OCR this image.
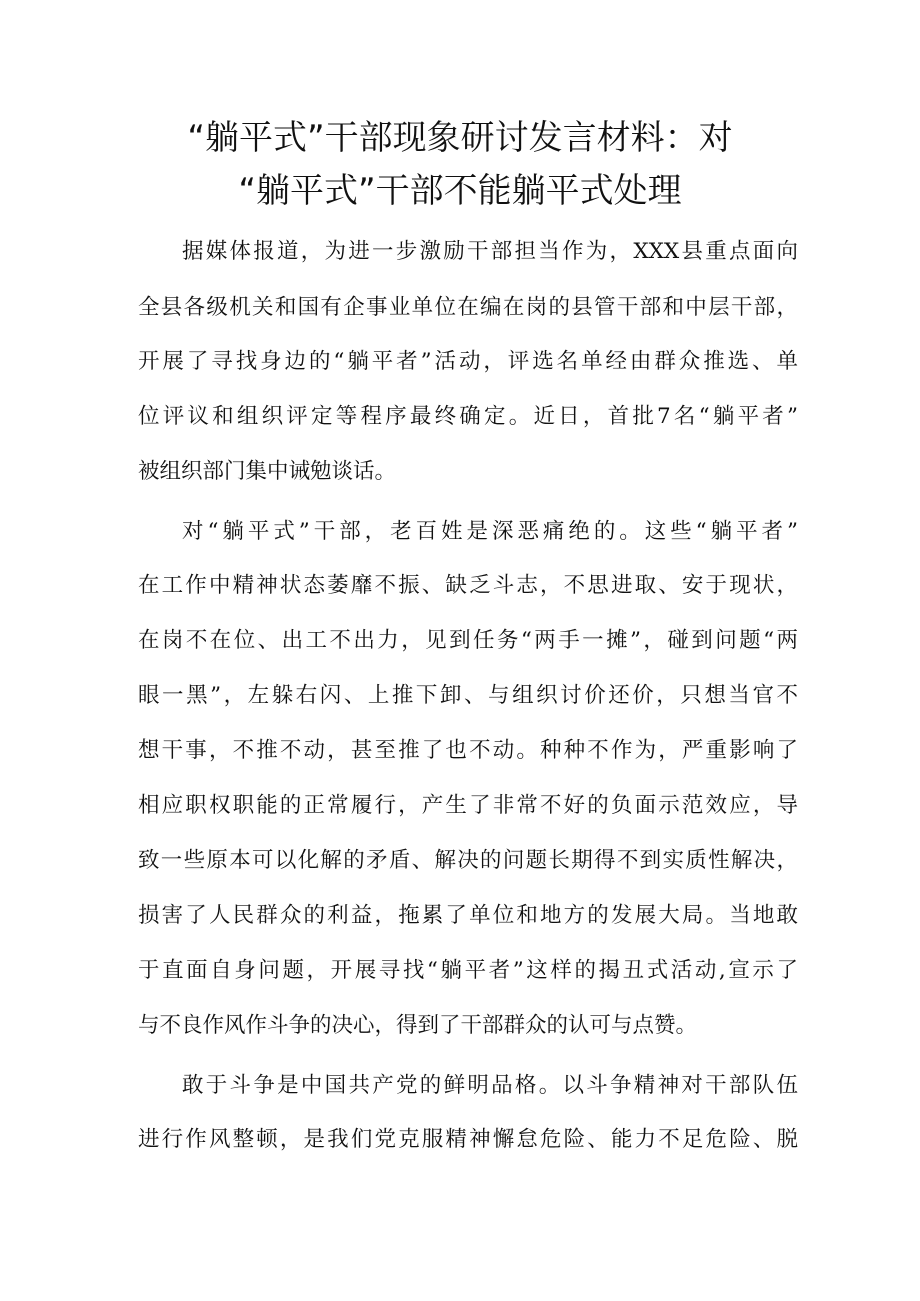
“躺平式”干部现象研讨发言材料：对
“躺平式”干部不能躺平式处理
据媒体报道，为进一步激励干部担当作为，XXX县重点面向
全县各级机关和国有企事业单位在编在岗的县管干部和中层干部，
开展了寻找身边的“躺平者”活动，评选名单经由群众推选、单
位评议和组织评定等程序最终确定。近日，首批7名“躺平者”
被组织部门集中诫勉谈话。
对“躺平式”干部，老百姓是深恶痛绝的。这些“躺平者”
在工作中精神状态萎靡不振、缺乏斗志，不思进取、安于现状，
在岗不在位、出工不出力，见到任务“两手一摊”，碰到问题“两
眼一黑”，左躲右闪、上推下卸、与组织讨价还价，只想当官不
想干事，不推不动，甚至推了也不动。种种不作为，严重影响了
相应职权职能的正常履行，产生了非常不好的负面示范效应，导
致一些原本可以化解的矛盾、解决的问题长期得不到实质性解决，
损害了人民群众的利益，拖累了单位和地方的发展大局。当地敢
于直面自身问题，开展寻找“躺平者”这样的揭丑式活动,宣示了
与不良作风作斗争的决心，得到了干部群众的认可与点赞。
敢于斗争是中国共产党的鲜明品格。以斗争精神对干部队伍
进行作风整顿，是我们党克服精神懈怠危险、能力不足危险、脱
